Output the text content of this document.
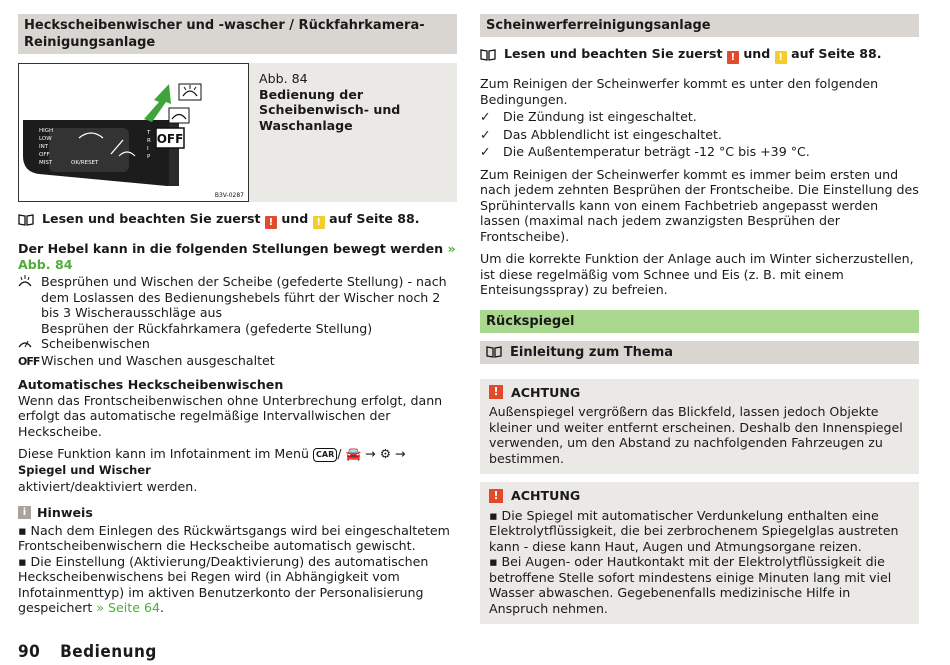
Heckscheibenwischer und -wascher / Rückfahrkamera-Reinigungsanlage
OFF
HIGH
LOW
INT
OFF
MIST	OK/RESET
T
R
I
P
B3V-0287
Abb. 84
Bedienung der Scheibenwisch- und Waschanlage
Lesen und beachten Sie zuerst ! und ! auf Seite 88.
Der Hebel kann in die folgenden Stellungen bewegt werden » Abb. 84
Besprühen und Wischen der Scheibe (gefederte Stellung) - nach dem Loslassen des Bedienungshebels führt der Wischer noch 2 bis 3 Wischerausschläge aus
Besprühen der Rückfahrkamera (gefederte Stellung)
Scheibenwischen
OFF Wischen und Waschen ausgeschaltet
Automatisches Heckscheibenwischen
Wenn das Frontscheibenwischen ohne Unterbrechung erfolgt, dann erfolgt das automatische regelmäßige Intervallwischen der Heckscheibe.
Diese Funktion kann im Infotainment im Menü CAR / 🚘 → ⚙ → Spiegel und Wischer
aktiviert/deaktiviert werden.
i Hinweis
▪ Nach dem Einlegen des Rückwärtsgangs wird bei eingeschaltetem Frontscheibenwischern die Heckscheibe automatisch gewischt.
▪ Die Einstellung (Aktivierung/Deaktivierung) des automatischen Heckscheibenwischens bei Regen wird (in Abhängigkeit vom Infotainmenttyp) im aktiven Benutzerkonto der Personalisierung gespeichert » Seite 64.
Scheinwerferreinigungsanlage
Lesen und beachten Sie zuerst ! und ! auf Seite 88.
Zum Reinigen der Scheinwerfer kommt es unter den folgenden Bedingungen.
✓ Die Zündung ist eingeschaltet.
✓ Das Abblendlicht ist eingeschaltet.
✓ Die Außentemperatur beträgt -12 °C bis +39 °C.
Zum Reinigen der Scheinwerfer kommt es immer beim ersten und nach jedem zehnten Besprühen der Frontscheibe. Die Einstellung des Sprühintervalls kann von einem Fachbetrieb angepasst werden lassen (maximal nach jedem zwanzigsten Besprühen der Frontscheibe).
Um die korrekte Funktion der Anlage auch im Winter sicherzustellen, ist diese regelmäßig vom Schnee und Eis (z. B. mit einem Enteisungsspray) zu befreien.
Rückspiegel
Einleitung zum Thema
! ACHTUNG
Außenspiegel vergrößern das Blickfeld, lassen jedoch Objekte kleiner und weiter entfernt erscheinen. Deshalb den Innenspiegel verwenden, um den Abstand zu nachfolgenden Fahrzeugen zu bestimmen.
! ACHTUNG
▪ Die Spiegel mit automatischer Verdunkelung enthalten eine Elektrolytflüssigkeit, die bei zerbrochenem Spiegelglas austreten kann - diese kann Haut, Augen und Atmungsorgane reizen.
▪ Bei Augen- oder Hautkontakt mit der Elektrolytflüssigkeit die betroffene Stelle sofort mindestens einige Minuten lang mit viel Wasser abwaschen. Gegebenenfalls medizinische Hilfe in Anspruch nehmen.
90 Bedienung
